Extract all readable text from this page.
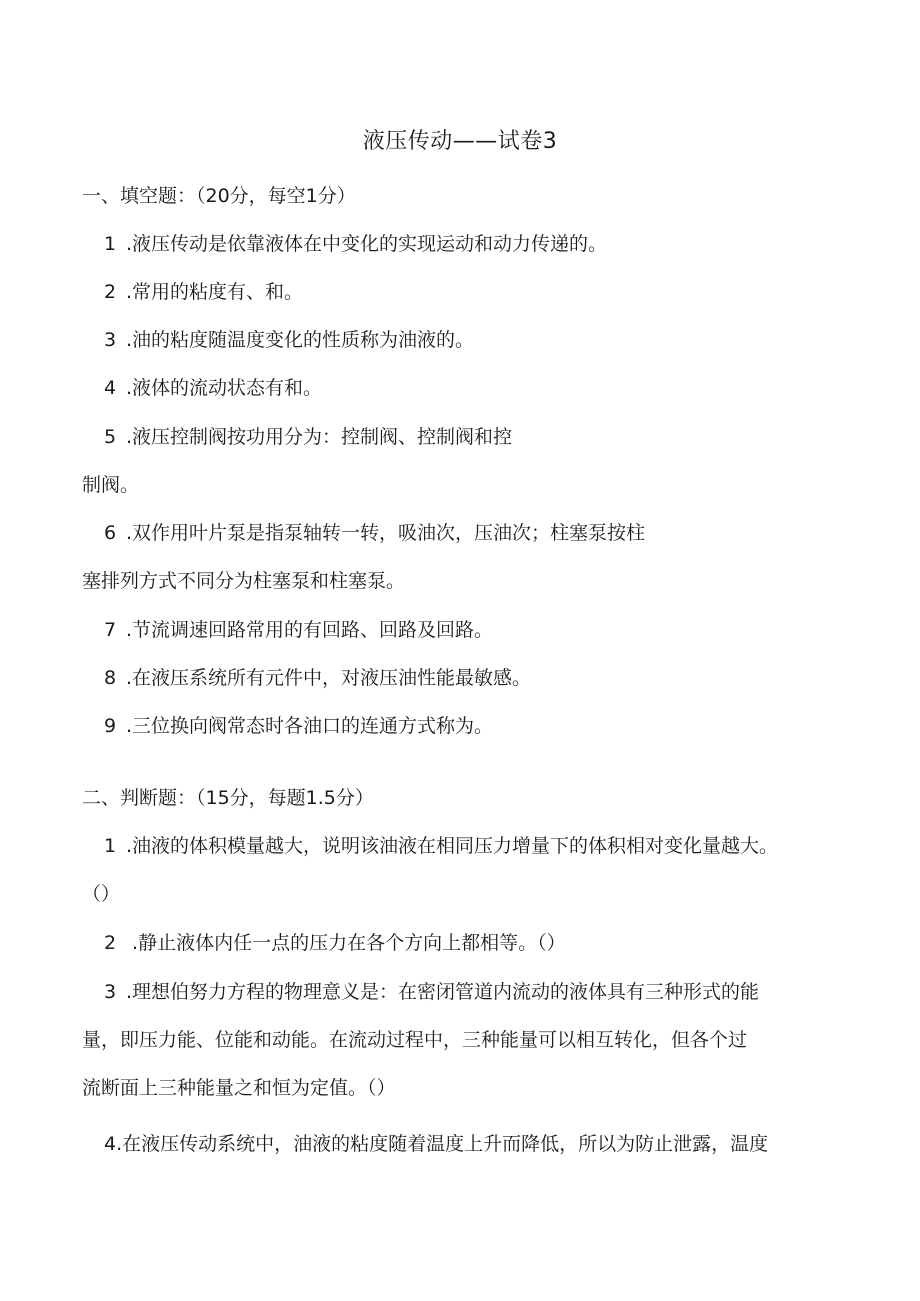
液压传动——试卷3
一、填空题：（20分，每空1分）
1 .液压传动是依靠液体在中变化的实现运动和动力传递的。
2 .常用的粘度有、和。
3 .油的粘度随温度变化的性质称为油液的。
4 .液体的流动状态有和。
5 .液压控制阀按功用分为：控制阀、控制阀和控
制阀。
6 .双作用叶片泵是指泵轴转一转，吸油次，压油次；柱塞泵按柱
塞排列方式不同分为柱塞泵和柱塞泵。
7 .节流调速回路常用的有回路、回路及回路。
8 .在液压系统所有元件中，对液压油性能最敏感。
9 .三位换向阀常态时各油口的连通方式称为。
二、判断题：（15分，每题1.5分）
1 .油液的体积模量越大，说明该油液在相同压力增量下的体积相对变化量越大。
（）
2 .静止液体内任一点的压力在各个方向上都相等。（）
3 .理想伯努力方程的物理意义是：在密闭管道内流动的液体具有三种形式的能
量，即压力能、位能和动能。在流动过程中，三种能量可以相互转化，但各个过
流断面上三种能量之和恒为定值。（）
4.在液压传动系统中，油液的粘度随着温度上升而降低，所以为防止泄露，温度
